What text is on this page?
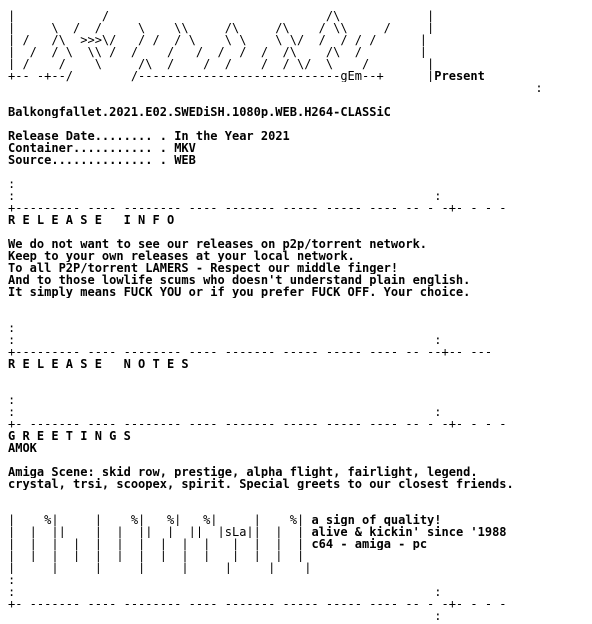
|     _______/    ______ ______ ______ _____/\ ______     |
|  ___\  /  /  ___\__  \\  ___/\  ___/\  __/ \\  ___/     |
| /_  /\  >>>\/_  / /  /_\___ \ \___ \ \/  /  /_/ /      |
|  /  /_\  \\ /  / ___/   /  /  /  /  /\  __/\  /__      |
| /____/   _\_____/\  /____/  /____/  / \/  \____/        |
+-- -+--/________/----------------------------gEm--+      |Present
:

Balkongfallet.2021.E02.SWEDiSH.1080p.WEB.H264-CLASSiC

Release Date........ . In the Year 2021
Container........... . MKV
Source.............. . WEB

:
:                                                          :
+--------- ---- -------- ---- ------- ----- ----- ---- -- - -+- - - -
R E L E A S E   I N F O

We do not want to see our releases on p2p/torrent network.
Keep to your own releases at your local network.
To all P2P/torrent LAMERS - Respect our middle finger!
And to those lowlife scums who doesn't understand plain english.
It simply means FUCK YOU or if you prefer FUCK OFF. Your choice.

:
:                                                          :
+--------- ---- -------- ---- ------- ----- ----- ---- -- --+-- ---
R E L E A S E   N O T E S

:
:                                                          :
+- ------- ---- -------- ---- ------- ----- ----- ---- -- - -+- - - -
G R E E T I N G S
AMOK

Amiga Scene: skid row, prestige, alpha flight, fairlight, legend.
crystal, trsi, scoopex, spirit. Special greets to our closest friends.

_____ _____ _____ _____ _____ _____ ____
|  _ %|     |  _ %|   %|   %|___  |  _ %| a sign of quality!
|  |  ||__  |  |  ||  |  ||__|sLa||__|  | alive & kickin' since '1988
|  |  |  |  |__|  |__|  |__|   |  |  |  | c64 - amiga - pc
|  |  |  |  |  |  |  |  |  |   |  |  |  |
|_____|_____|_____|_____|_____|_____|____|
:
:                                                          :
+- ------- ---- -------- ---- ------- ----- ----- ---- -- - -+- - - -
:
